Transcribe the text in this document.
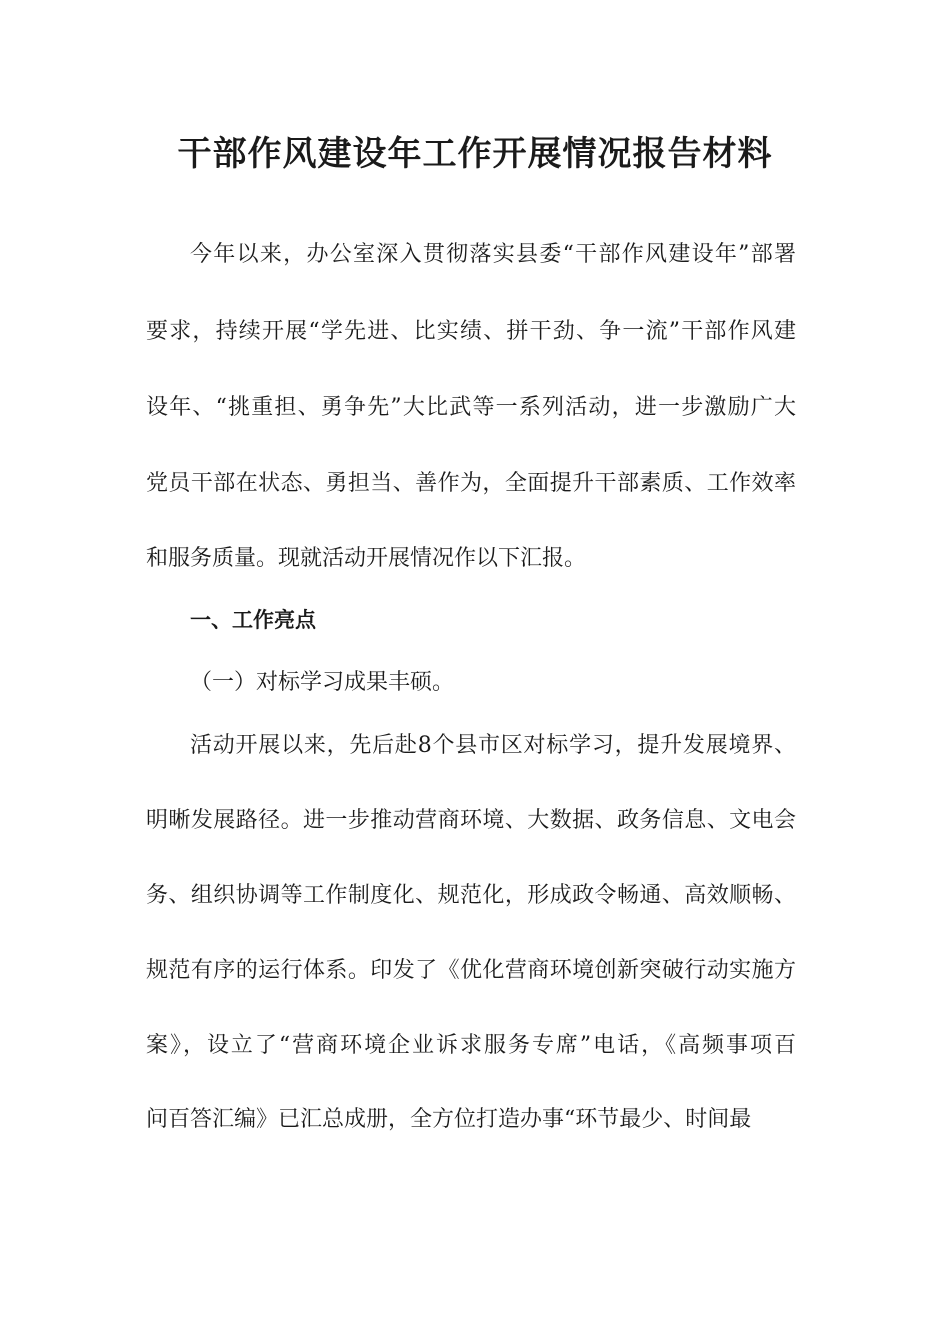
干部作风建设年工作开展情况报告材料
今年以来，办公室深入贯彻落实县委“干部作风建设年”部署
要求，持续开展“学先进、比实绩、拼干劲、争一流”干部作风建
设年、“挑重担、勇争先”大比武等一系列活动，进一步激励广大
党员干部在状态、勇担当、善作为，全面提升干部素质、工作效率
和服务质量。现就活动开展情况作以下汇报。
一、工作亮点
（一）对标学习成果丰硕。
活动开展以来，先后赴8个县市区对标学习，提升发展境界、
明晰发展路径。进一步推动营商环境、大数据、政务信息、文电会
务、组织协调等工作制度化、规范化，形成政令畅通、高效顺畅、
规范有序的运行体系。印发了《优化营商环境创新突破行动实施方
案》，设立了“营商环境企业诉求服务专席”电话，《高频事项百
问百答汇编》已汇总成册，全方位打造办事“环节最少、时间最
